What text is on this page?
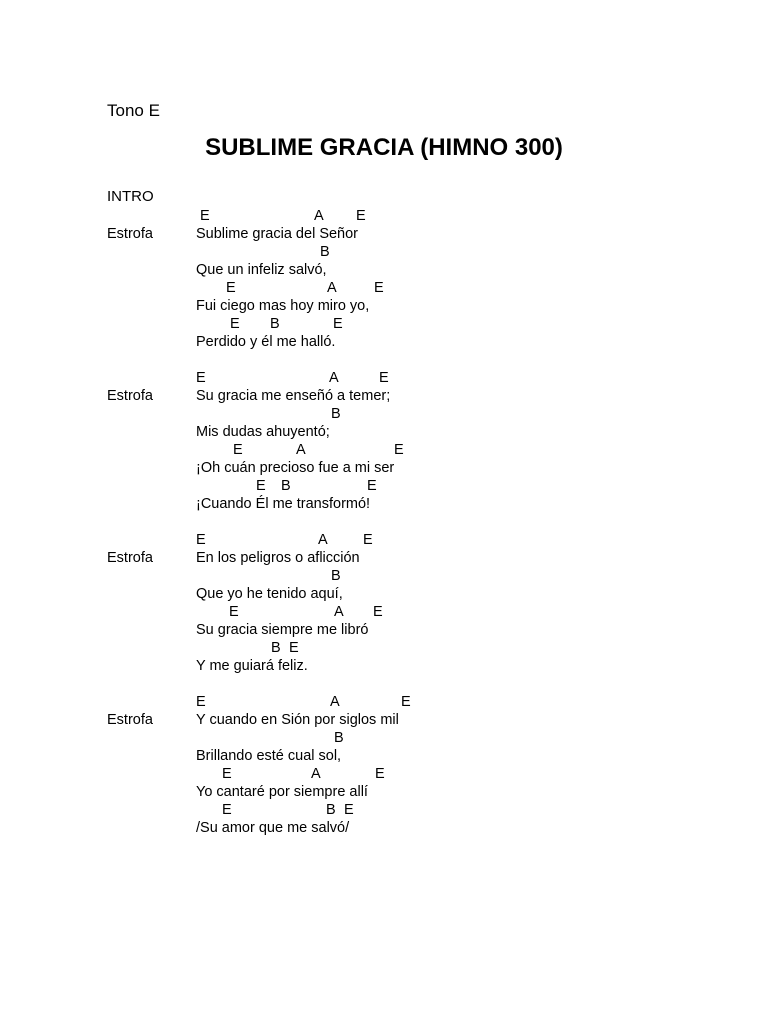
Tono E
SUBLIME GRACIA (HIMNO 300)
INTRO
E	A E
Estrofa	Sublime gracia del Señor
B
Que un infeliz salvó,
E	A	E
Fui ciego mas hoy miro yo,
E B	E
Perdido y él me halló.
E	A	E
Estrofa	Su gracia me enseñó a temer;
B
Mis dudas ahuyentó;
E	A	E
¡Oh cuán precioso fue a mi ser
E B	E
¡Cuando Él me transformó!
E	A E
Estrofa	En los peligros o aflicción
B
Que yo he tenido aquí,
E	A E
Su gracia siempre me libró
B E
Y me guiará feliz.
E	A	E
Estrofa	Y cuando en Sión por siglos mil
B
Brillando esté cual sol,
E	A	E
Yo cantaré por siempre allí
E	B E
/Su amor que me salvó/
